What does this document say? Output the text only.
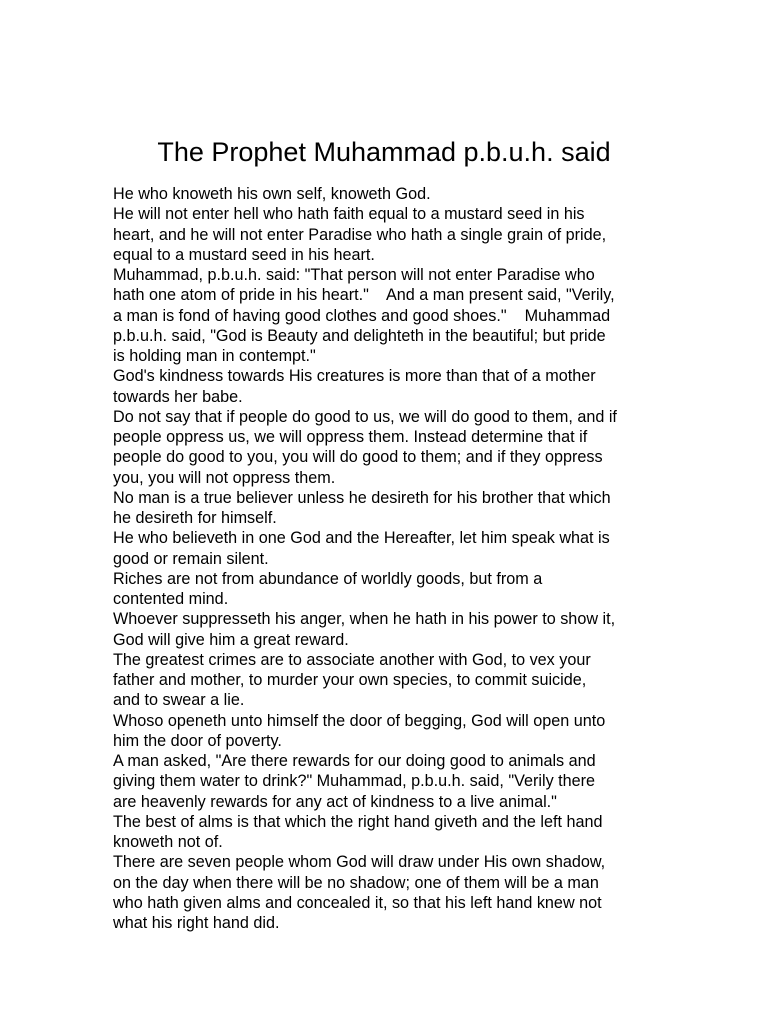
The Prophet Muhammad p.b.u.h. said
He who knoweth his own self, knoweth God.
He will not enter hell who hath faith equal to a mustard seed in his
heart, and he will not enter Paradise who hath a single grain of pride,
equal to a mustard seed in his heart.
Muhammad, p.b.u.h. said: "That person will not enter Paradise who
hath one atom of pride in his heart."    And a man present said, "Verily,
a man is fond of having good clothes and good shoes."    Muhammad
p.b.u.h. said, "God is Beauty and delighteth in the beautiful; but pride
is holding man in contempt."
God's kindness towards His creatures is more than that of a mother
towards her babe.
Do not say that if people do good to us, we will do good to them, and if
people oppress us, we will oppress them. Instead determine that if
people do good to you, you will do good to them; and if they oppress
you, you will not oppress them.
No man is a true believer unless he desireth for his brother that which
he desireth for himself.
He who believeth in one God and the Hereafter, let him speak what is
good or remain silent.
Riches are not from abundance of worldly goods, but from a
contented mind.
Whoever suppresseth his anger, when he hath in his power to show it,
God will give him a great reward.
The greatest crimes are to associate another with God, to vex your
father and mother, to murder your own species, to commit suicide,
and to swear a lie.
Whoso openeth unto himself the door of begging, God will open unto
him the door of poverty.
A man asked, "Are there rewards for our doing good to animals and
giving them water to drink?" Muhammad, p.b.u.h. said, "Verily there
are heavenly rewards for any act of kindness to a live animal."
The best of alms is that which the right hand giveth and the left hand
knoweth not of.
There are seven people whom God will draw under His own shadow,
on the day when there will be no shadow; one of them will be a man
who hath given alms and concealed it, so that his left hand knew not
what his right hand did.
